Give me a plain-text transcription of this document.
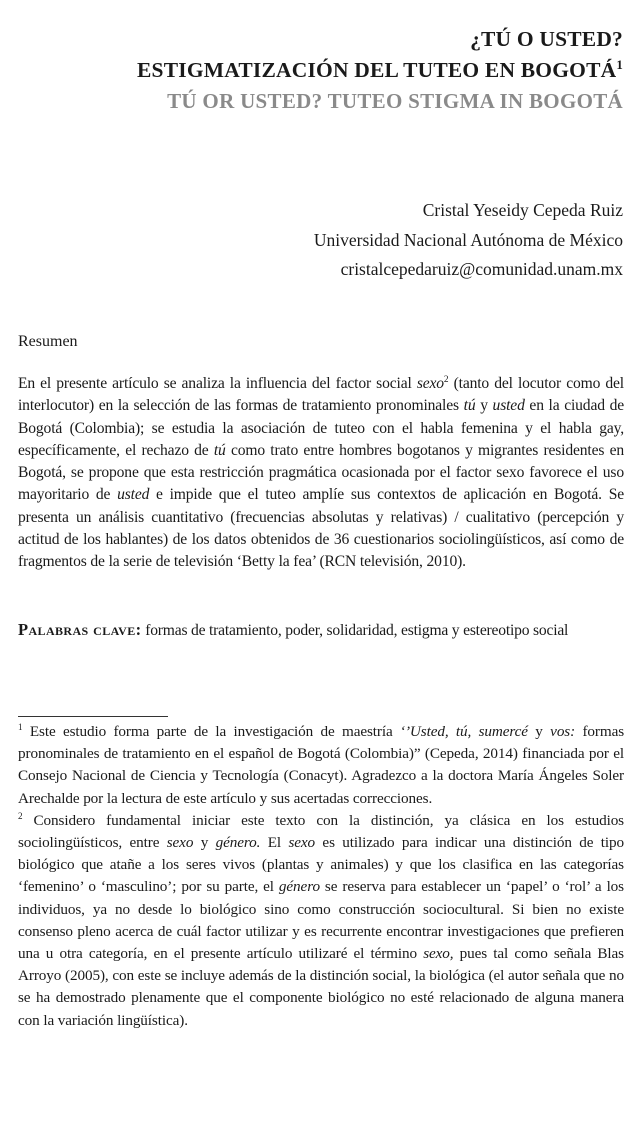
¿TÚ O USTED?
ESTIGMATIZACIÓN DEL TUTEO EN BOGOTÁ$^1$
TÚ OR USTED? TUTEO STIGMA IN BOGOTÁ
Cristal Yeseidy Cepeda Ruiz
Universidad Nacional Autónoma de México
cristalcepedaruiz@comunidad.unam.mx
Resumen
En el presente artículo se analiza la influencia del factor social sexo$^2$ (tanto del locutor como del interlocutor) en la selección de las formas de tratamiento pronominales tú y usted en la ciudad de Bogotá (Colombia); se estudia la asociación de tuteo con el habla femenina y el habla gay, específicamente, el rechazo de tú como trato entre hombres bogotanos y migrantes residentes en Bogotá, se propone que esta restricción pragmática ocasionada por el factor sexo favorece el uso mayoritario de usted e impide que el tuteo amplíe sus contextos de aplicación en Bogotá. Se presenta un análisis cuantitativo (frecuencias absolutas y relativas) / cualitativo (percepción y actitud de los hablantes) de los datos obtenidos de 36 cuestionarios sociolingüísticos, así como de fragmentos de la serie de televisión ‘Betty la fea’ (RCN televisión, 2010).
Palabras clave: formas de tratamiento, poder, solidaridad, estigma y estereotipo social

$^1$ Este estudio forma parte de la investigación de maestría ‘’Usted, tú, sumercé y vos: formas pronominales de tratamiento en el español de Bogotá (Colombia)” (Cepeda, 2014) financiada por el Consejo Nacional de Ciencia y Tecnología (Conacyt). Agradezco a la doctora María Ángeles Soler Arechalde por la lectura de este artículo y sus acertadas correcciones.

$^2$ Considero fundamental iniciar este texto con la distinción, ya clásica en los estudios sociolingüísticos, entre sexo y género. El sexo es utilizado para indicar una distinción de tipo biológico que atañe a los seres vivos (plantas y animales) y que los clasifica en las categorías ‘femenino’ o ‘masculino’; por su parte, el género se reserva para establecer un ‘papel’ o ‘rol’ a los individuos, ya no desde lo biológico sino como construcción sociocultural. Si bien no existe consenso pleno acerca de cuál factor utilizar y es recurrente encontrar investigaciones que prefieren una u otra categoría, en el presente artículo utilizaré el término sexo, pues tal como señala Blas Arroyo (2005), con este se incluye además de la distinción social, la biológica (el autor señala que no se ha demostrado plenamente que el componente biológico no esté relacionado de alguna manera con la variación lingüística).
